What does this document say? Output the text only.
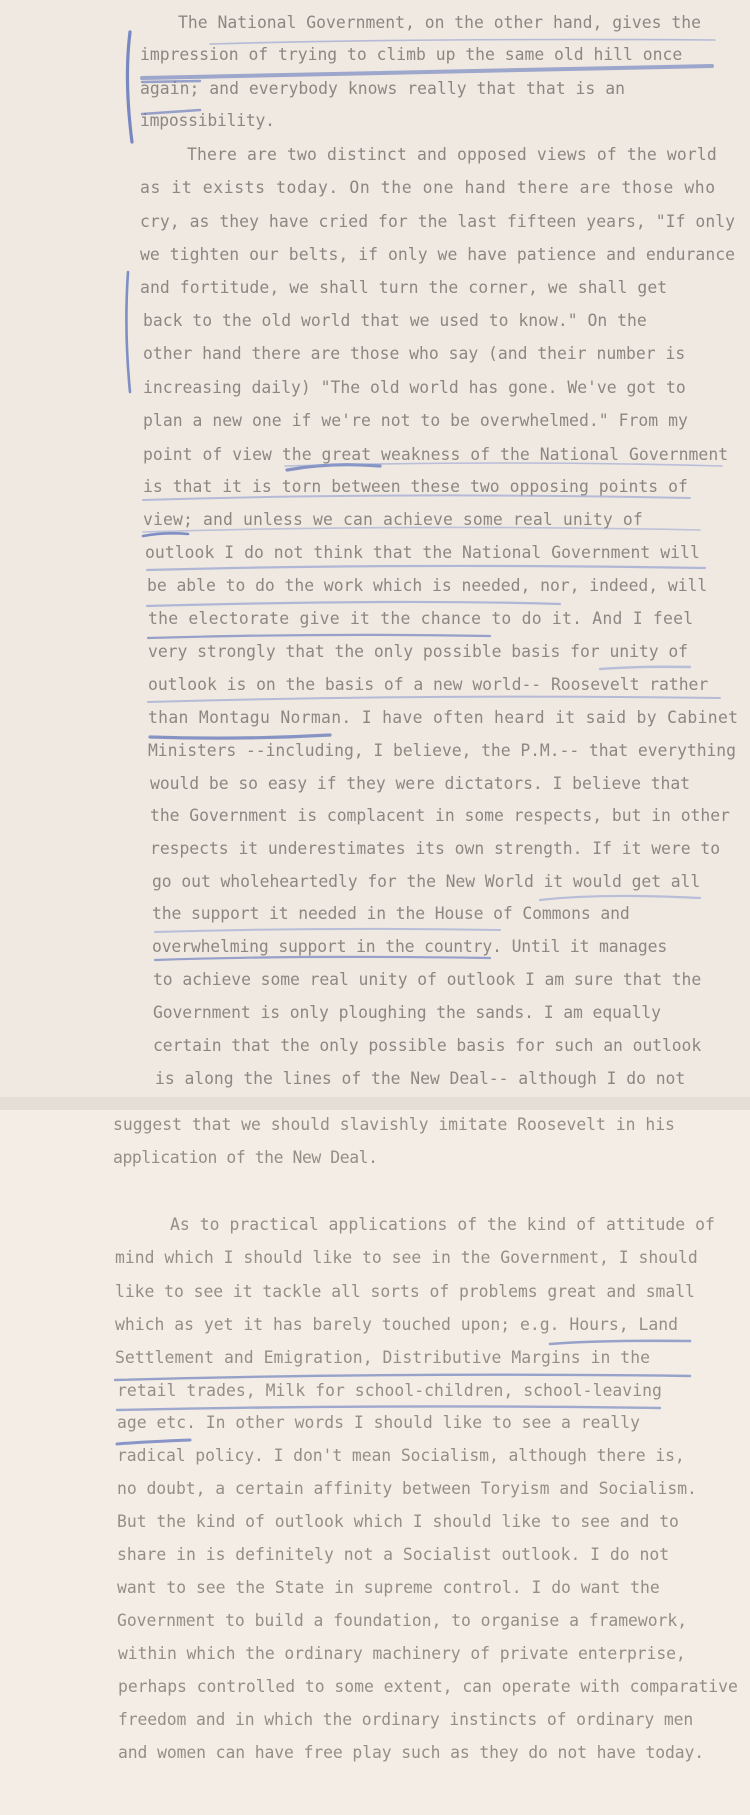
The National Government, on the other hand, gives the
impression of trying to climb up the same old hill once
again; and everybody knows really that that is an
impossibility.
There are two distinct and opposed views of the world
as it exists today. On the one hand there are those who
cry, as they have cried for the last fifteen years, "If only
we tighten our belts, if only we have patience and endurance
and fortitude, we shall turn the corner, we shall get
back to the old world that we used to know." On the
other hand there are those who say (and their number is
increasing daily) "The old world has gone. We've got to
plan a new one if we're not to be overwhelmed." From my
point of view the great weakness of the National Government
is that it is torn between these two opposing points of
view; and unless we can achieve some real unity of
outlook I do not think that the National Government will
be able to do the work which is needed, nor, indeed, will
the electorate give it the chance to do it. And I feel
very strongly that the only possible basis for unity of
outlook is on the basis of a new world-- Roosevelt rather
than Montagu Norman. I have often heard it said by Cabinet
Ministers --including, I believe, the P.M.-- that everything
would be so easy if they were dictators. I believe that
the Government is complacent in some respects, but in other
respects it underestimates its own strength. If it were to
go out wholeheartedly for the New World it would get all
the support it needed in the House of Commons and
overwhelming support in the country. Until it manages
to achieve some real unity of outlook I am sure that the
Government is only ploughing the sands. I am equally
certain that the only possible basis for such an outlook
is along the lines of the New Deal-- although I do not
suggest that we should slavishly imitate Roosevelt in his
application of the New Deal.
As to practical applications of the kind of attitude of
mind which I should like to see in the Government, I should
like to see it tackle all sorts of problems great and small
which as yet it has barely touched upon; e.g. Hours, Land
Settlement and Emigration, Distributive Margins in the
retail trades, Milk for school-children, school-leaving
age etc. In other words I should like to see a really
radical policy. I don't mean Socialism, although there is,
no doubt, a certain affinity between Toryism and Socialism.
But the kind of outlook which I should like to see and to
share in is definitely not a Socialist outlook. I do not
want to see the State in supreme control. I do want the
Government to build a foundation, to organise a framework,
within which the ordinary machinery of private enterprise,
perhaps controlled to some extent, can operate with comparative
freedom and in which the ordinary instincts of ordinary men
and women can have free play such as they do not have today.
